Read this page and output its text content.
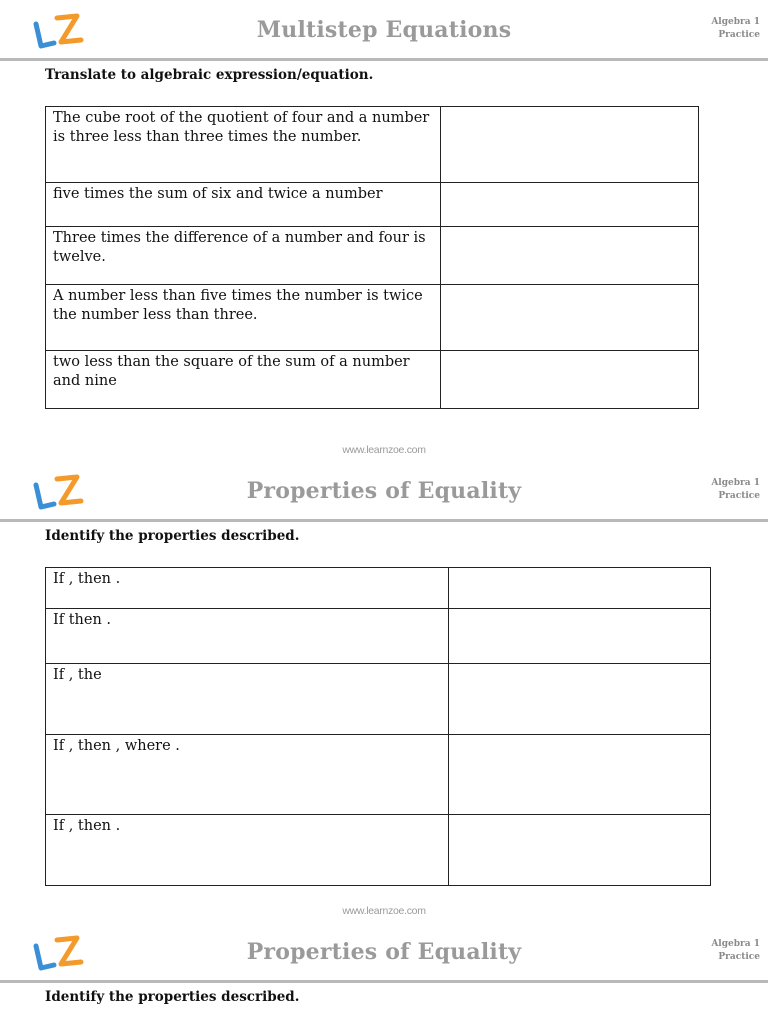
Multistep Equations	Algebra 1
Practice
Translate to algebraic expression/equation.
The cube root of the quotient of four and a number is three less than three times the number.	
five times the sum of six and twice a number	
Three times the difference of a number and four is twelve.	
A number less than five times the number is twice the number less than three.	
two less than the square of the sum of a number and nine	
www.learnzoe.com
Properties of Equality	Algebra 1
Practice
Identify the properties described.
If , then .	
If then .	
If , the	
If , then , where .	
If , then .	
www.learnzoe.com
Properties of Equality	Algebra 1
Practice
Identify the properties described.
